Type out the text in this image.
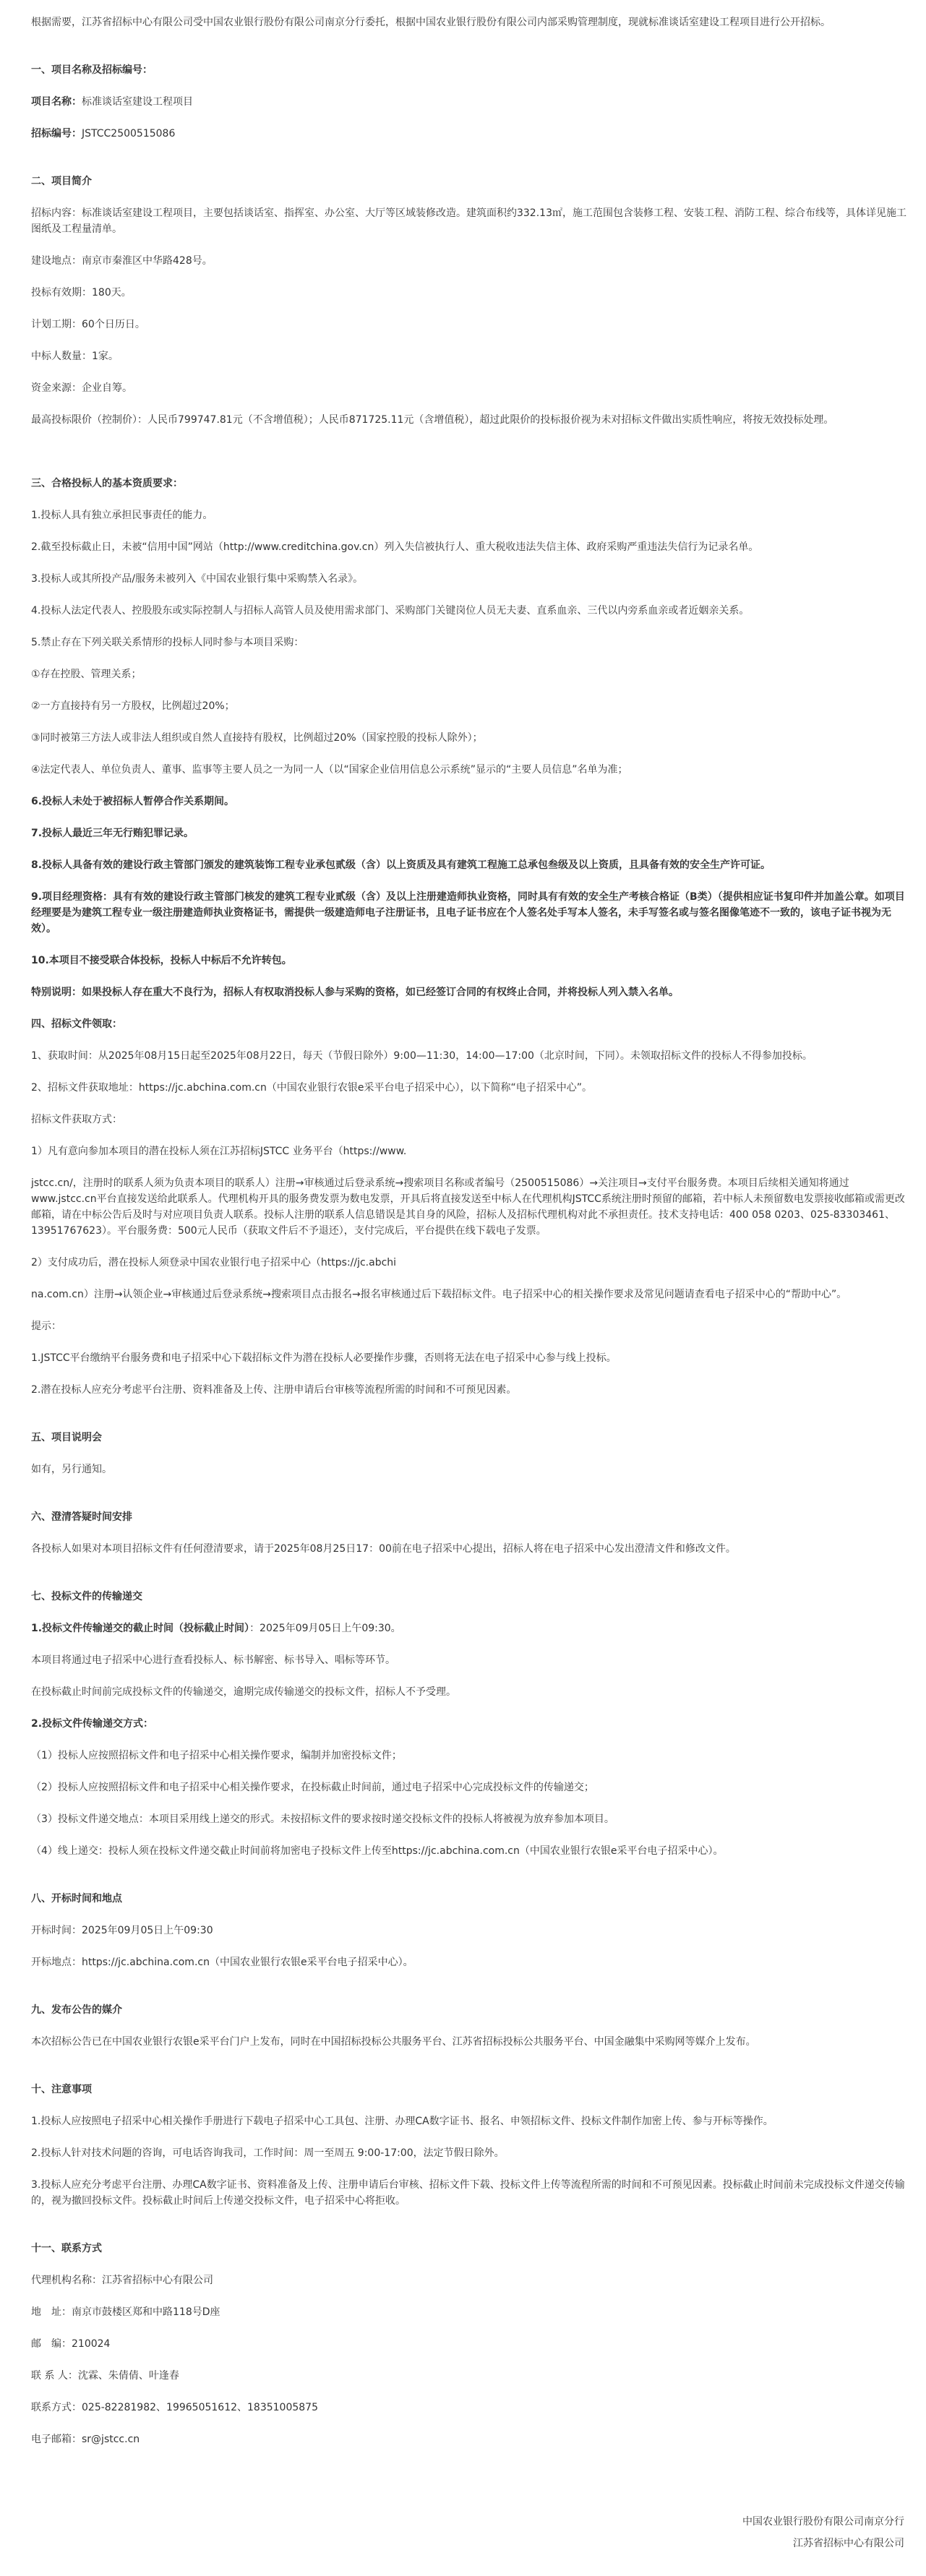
根据需要，江苏省招标中心有限公司受中国农业银行股份有限公司南京分行委托，根据中国农业银行股份有限公司内部采购管理制度，现就标准谈话室建设工程项目进行公开招标。

一、项目名称及招标编号：

项目名称：标准谈话室建设工程项目

招标编号：JSTCC2500515086

二、项目简介

招标内容：标准谈话室建设工程项目，主要包括谈话室、指挥室、办公室、大厅等区域装修改造。建筑面积约332.13㎡，施工范围包含装修工程、安装工程、消防工程、综合布线等，具体详见施工图纸及工程量清单。

建设地点：南京市秦淮区中华路428号。

投标有效期：180天。

计划工期：60个日历日。

中标人数量：1家。

资金来源：企业自筹。

最高投标限价（控制价）：人民币799747.81元（不含增值税）；人民币871725.11元（含增值税），超过此限价的投标报价视为未对招标文件做出实质性响应，将按无效投标处理。

三、合格投标人的基本资质要求：

1.投标人具有独立承担民事责任的能力。

2.截至投标截止日，未被“信用中国”网站（http://www.creditchina.gov.cn）列入失信被执行人、重大税收违法失信主体、政府采购严重违法失信行为记录名单。

3.投标人或其所投产品/服务未被列入《中国农业银行集中采购禁入名录》。

4.投标人法定代表人、控股股东或实际控制人与招标人高管人员及使用需求部门、采购部门关键岗位人员无夫妻、直系血亲、三代以内旁系血亲或者近姻亲关系。

5.禁止存在下列关联关系情形的投标人同时参与本项目采购：

①存在控股、管理关系；

②一方直接持有另一方股权，比例超过20%；

③同时被第三方法人或非法人组织或自然人直接持有股权，比例超过20%（国家控股的投标人除外）；

④法定代表人、单位负责人、董事、监事等主要人员之一为同一人（以“国家企业信用信息公示系统”显示的“主要人员信息”名单为准；

6.投标人未处于被招标人暂停合作关系期间。

7.投标人最近三年无行贿犯罪记录。

8.投标人具备有效的建设行政主管部门颁发的建筑装饰工程专业承包贰级（含）以上资质及具有建筑工程施工总承包叁级及以上资质，且具备有效的安全生产许可证。

9.项目经理资格：具有有效的建设行政主管部门核发的建筑工程专业贰级（含）及以上注册建造师执业资格，同时具有有效的安全生产考核合格证（B类）（提供相应证书复印件并加盖公章。如项目经理要是为建筑工程专业一级注册建造师执业资格证书，需提供一级建造师电子注册证书，且电子证书应在个人签名处手写本人签名，未手写签名或与签名图像笔迹不一致的，该电子证书视为无效）。

10.本项目不接受联合体投标，投标人中标后不允许转包。

特别说明：如果投标人存在重大不良行为，招标人有权取消投标人参与采购的资格，如已经签订合同的有权终止合同，并将投标人列入禁入名单。

四、招标文件领取：

1、获取时间：从2025年08月15日起至2025年08月22日，每天（节假日除外）9:00—11:30，14:00—17:00（北京时间，下同）。未领取招标文件的投标人不得参加投标。

2、招标文件获取地址：https://jc.abchina.com.cn（中国农业银行农银e采平台电子招采中心），以下简称“电子招采中心”。

招标文件获取方式：

1）凡有意向参加本项目的潜在投标人须在江苏招标JSTCC 业务平台（https://www.

jstcc.cn/，注册时的联系人须为负责本项目的联系人）注册→审核通过后登录系统→搜索项目名称或者编号（2500515086）→关注项目→支付平台服务费。本项目后续相关通知将通过www.jstcc.cn平台直接发送给此联系人。代理机构开具的服务费发票为数电发票，开具后将直接发送至中标人在代理机构JSTCC系统注册时预留的邮箱，若中标人未预留数电发票接收邮箱或需更改邮箱，请在中标公告后及时与对应项目负责人联系。投标人注册的联系人信息错误是其自身的风险，招标人及招标代理机构对此不承担责任。技术支持电话：400 058 0203、025-83303461、13951767623）。平台服务费：500元人民币（获取文件后不予退还），支付完成后，平台提供在线下载电子发票。

2）支付成功后，潜在投标人须登录中国农业银行电子招采中心（https://jc.abchi

na.com.cn）注册→认领企业→审核通过后登录系统→搜索项目点击报名→报名审核通过后下载招标文件。电子招采中心的相关操作要求及常见问题请查看电子招采中心的“帮助中心”。

提示：

1.JSTCC平台缴纳平台服务费和电子招采中心下载招标文件为潜在投标人必要操作步骤，否则将无法在电子招采中心参与线上投标。

2.潜在投标人应充分考虑平台注册、资料准备及上传、注册申请后台审核等流程所需的时间和不可预见因素。

五、项目说明会

如有，另行通知。

六、澄清答疑时间安排

各投标人如果对本项目招标文件有任何澄清要求，请于2025年08月25日17：00前在电子招采中心提出，招标人将在电子招采中心发出澄清文件和修改文件。

七、投标文件的传输递交

1.投标文件传输递交的截止时间（投标截止时间）：2025年09月05日上午09:30。

本项目将通过电子招采中心进行查看投标人、标书解密、标书导入、唱标等环节。

在投标截止时间前完成投标文件的传输递交，逾期完成传输递交的投标文件，招标人不予受理。

2.投标文件传输递交方式：

（1）投标人应按照招标文件和电子招采中心相关操作要求，编制并加密投标文件；

（2）投标人应按照招标文件和电子招采中心相关操作要求，在投标截止时间前，通过电子招采中心完成投标文件的传输递交；

（3）投标文件递交地点：本项目采用线上递交的形式。未按招标文件的要求按时递交投标文件的投标人将被视为放弃参加本项目。

（4）线上递交：投标人须在投标文件递交截止时间前将加密电子投标文件上传至https://jc.abchina.com.cn（中国农业银行农银e采平台电子招采中心）。

八、开标时间和地点

开标时间：2025年09月05日上午09:30

开标地点：https://jc.abchina.com.cn（中国农业银行农银e采平台电子招采中心）。

九、发布公告的媒介

本次招标公告已在中国农业银行农银e采平台门户上发布，同时在中国招标投标公共服务平台、江苏省招标投标公共服务平台、中国金融集中采购网等媒介上发布。

十、注意事项

1.投标人应按照电子招采中心相关操作手册进行下载电子招采中心工具包、注册、办理CA数字证书、报名、申领招标文件、投标文件制作加密上传、参与开标等操作。

2.投标人针对技术问题的咨询，可电话咨询我司，工作时间：周一至周五 9:00-17:00，法定节假日除外。

3.投标人应充分考虑平台注册、办理CA数字证书、资料准备及上传、注册申请后台审核、招标文件下载、投标文件上传等流程所需的时间和不可预见因素。投标截止时间前未完成投标文件递交传输的，视为撤回投标文件。投标截止时间后上传递交投标文件，电子招采中心将拒收。

十一、联系方式

代理机构名称：江苏省招标中心有限公司

地　址：南京市鼓楼区郑和中路118号D座

邮　编：210024

联 系 人：沈霖、朱倩倩、叶逢春

联系方式：025-82281982、19965051612、18351005875

电子邮箱：sr@jstcc.cn

中国农业银行股份有限公司南京分行

江苏省招标中心有限公司
